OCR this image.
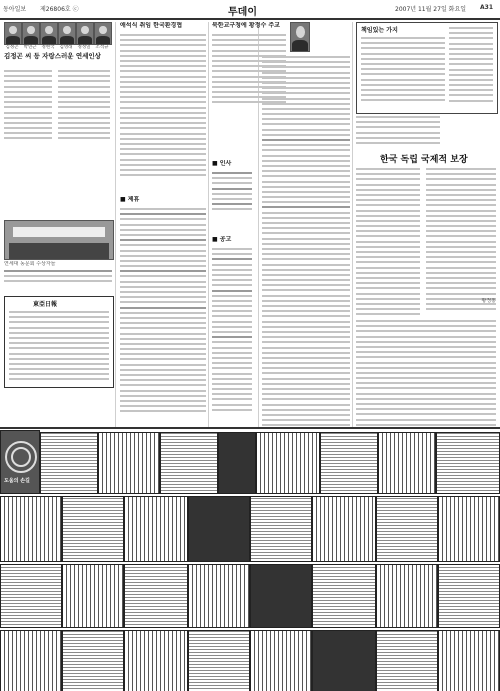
동아일보 제26806호 ⓒ	투데이	2007년 11월 27일 화요일 A31
김정곤	박연근	정현국	김영래	정성일	조석규
김정곤 씨 등 자랑스러운 연세인상
연세대 동문회 수상자들
東亞日報
애석식 취임 한국환경협
■ 제휴
북한교구청에 황정수 주교
■ 인사
■ 공고
책임있는 가지
한국 독립 국제적 보장
황정홍
도움의 손길
